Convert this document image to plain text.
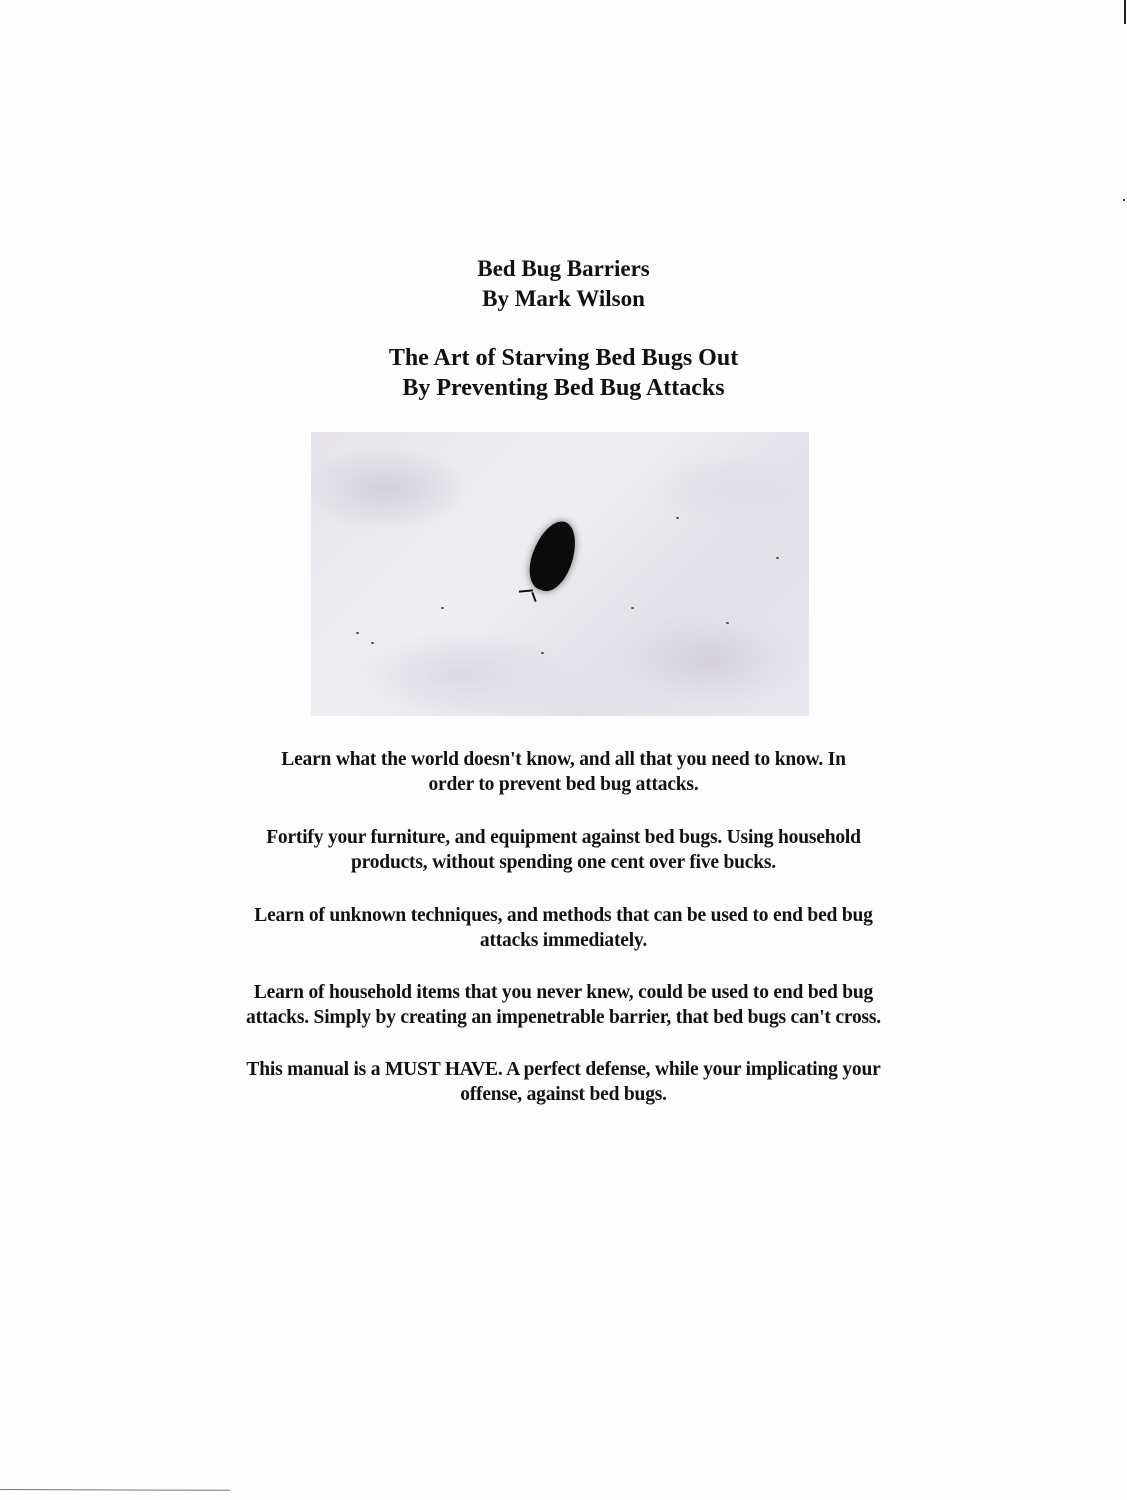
Bed Bug Barriers
By Mark Wilson
The Art of Starving Bed Bugs Out
By Preventing Bed Bug Attacks
Learn what the world doesn't know, and all that you need to know. In
order to prevent bed bug attacks.
Fortify your furniture, and equipment against bed bugs. Using household
products, without spending one cent over five bucks.
Learn of unknown techniques, and methods that can be used to end bed bug
attacks immediately.
Learn of household items that you never knew, could be used to end bed bug
attacks. Simply by creating an impenetrable barrier, that bed bugs can't cross.
This manual is a MUST HAVE. A perfect defense, while your implicating your
offense, against bed bugs.
